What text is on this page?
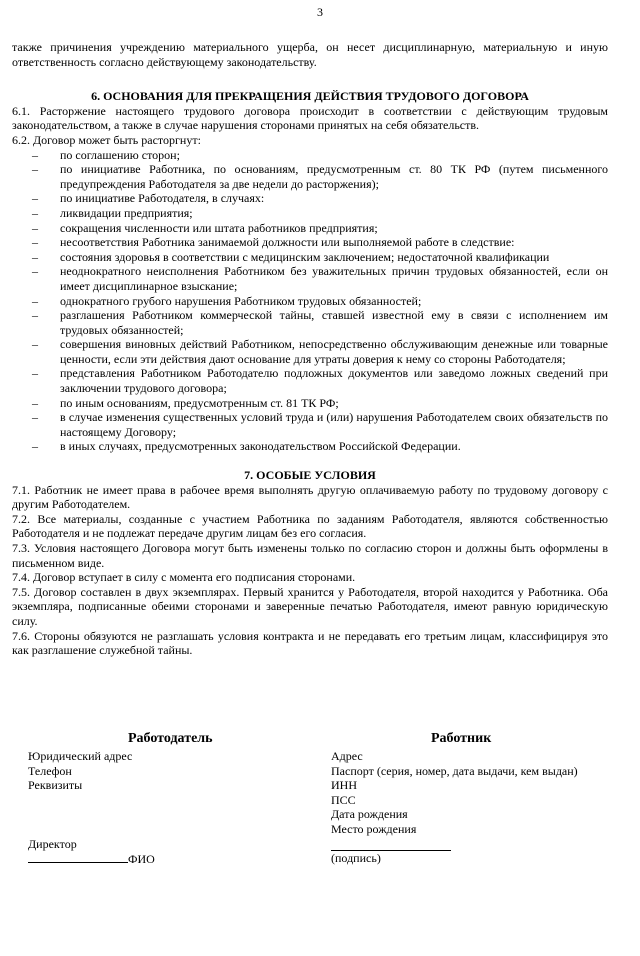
3

также причинения учреждению материального ущерба, он несет дисциплинарную, материальную и иную ответственность согласно действующему законодательству.

6. ОСНОВАНИЯ ДЛЯ ПРЕКРАЩЕНИЯ ДЕЙСТВИЯ ТРУДОВОГО ДОГОВОРА

6.1. Расторжение настоящего трудового договора происходит в соответствии с действующим трудовым законодательством, а также в случае нарушения сторонами принятых на себя обязательств.

6.2. Договор может быть расторгнут:

– по соглашению сторон;
– по инициативе Работника, по основаниям, предусмотренным ст. 80 ТК РФ (путем письменного предупреждения Работодателя за две недели до расторжения);
– по инициативе Работодателя, в случаях:
– ликвидации предприятия;
– сокращения численности или штата работников предприятия;
– несоответствия Работника занимаемой должности или выполняемой работе в следствие:
– состояния здоровья в соответствии с медицинским заключением; недостаточной квалификации
– неоднократного неисполнения Работником без уважительных причин трудовых обязанностей, если он имеет дисциплинарное взыскание;
– однократного грубого нарушения Работником трудовых обязанностей;
– разглашения Работником коммерческой тайны, ставшей известной ему в связи с исполнением им трудовых обязанностей;
– совершения виновных действий Работником, непосредственно обслуживающим денежные или товарные ценности, если эти действия дают основание для утраты доверия к нему со стороны Работодателя;
– представления Работником Работодателю подложных документов или заведомо ложных сведений при заключении трудового договора;
– по иным основаниям, предусмотренным ст. 81 ТК РФ;
– в случае изменения существенных условий труда и (или) нарушения Работодателем своих обязательств по настоящему Договору;
– в иных случаях, предусмотренных законодательством Российской Федерации.

7. ОСОБЫЕ УСЛОВИЯ

7.1. Работник не имеет права в рабочее время выполнять другую оплачиваемую работу по трудовому договору с другим Работодателем.

7.2. Все материалы, созданные с участием Работника по заданиям Работодателя, являются собственностью Работодателя и не подлежат передаче другим лицам без его согласия.

7.3. Условия настоящего Договора могут быть изменены только по согласию сторон и должны быть оформлены в письменном виде.

7.4. Договор вступает в силу с момента его подписания сторонами.

7.5. Договор составлен в двух экземплярах. Первый хранится у Работодателя, второй находится у Работника. Оба экземпляра, подписанные обеими сторонами и заверенные печатью Работодателя, имеют равную юридическую силу.

7.6. Стороны обязуются не разглашать условия контракта и не передавать его третьим лицам, классифицируя это как разглашение служебной тайны.

Работодатель

Юридический адрес

Телефон

Реквизиты

Директор

ФИО

Работник

Адрес

Паспорт (серия, номер, дата выдачи, кем выдан)

ИНН

ПСС

Дата рождения

Место рождения

(подпись)
